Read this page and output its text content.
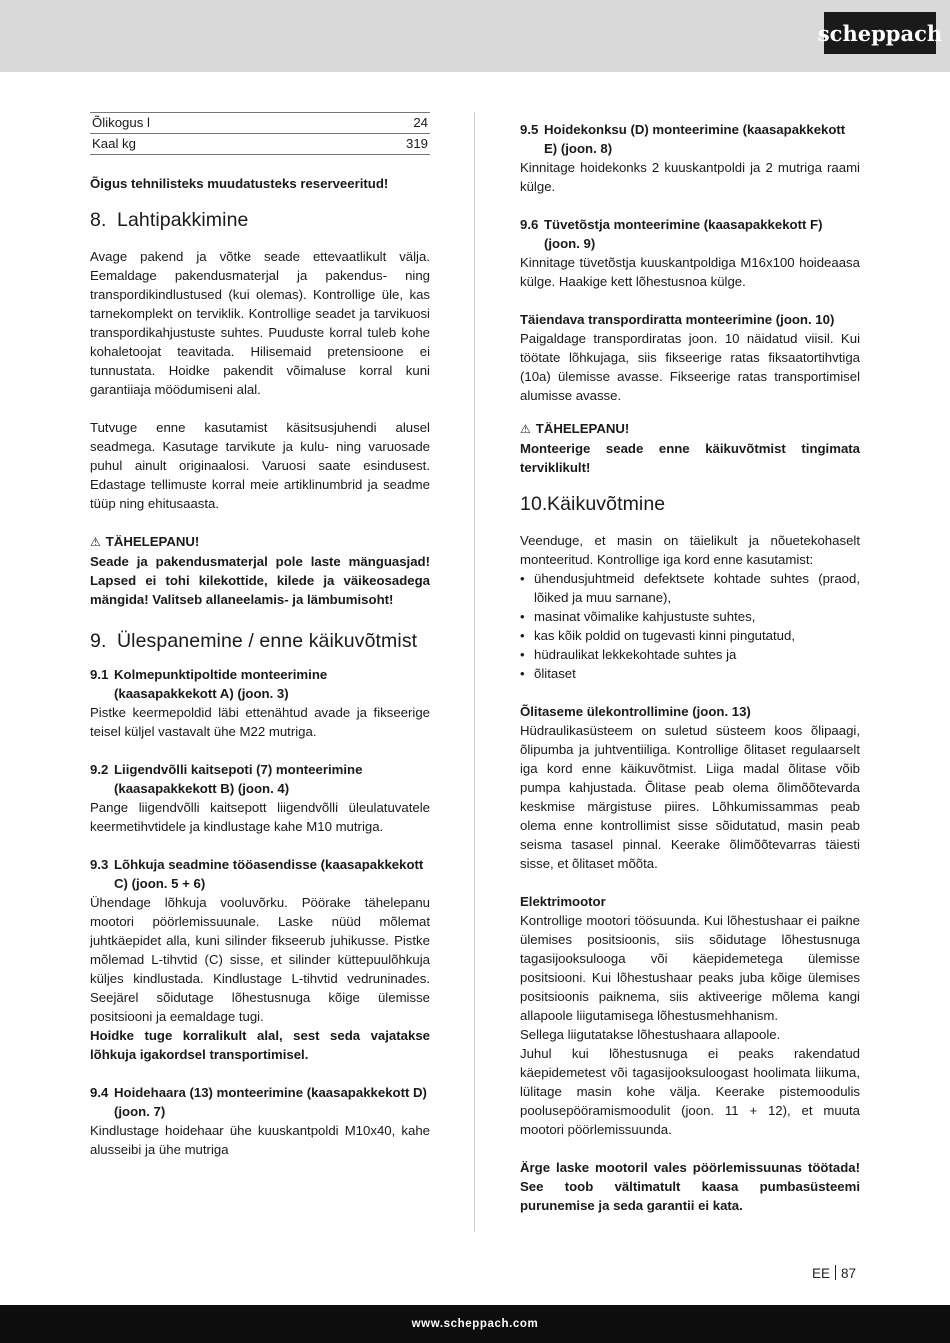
scheppach
Õlikogus l	24
Kaal kg	319

Õigus tehnilisteks muudatusteks reserveeritud!

8. Lahtipakkimine

Avage pakend ja võtke seade ettevaatlikult välja. Eemaldage pakendusmaterjal ja pakendus- ning transpordikindlustused (kui olemas). Kontrollige üle, kas tarnekomplekt on terviklik. Kontrollige seadet ja tarvikuosi transpordikahjustuste suhtes. Puuduste korral tuleb kohe kohaletoojat teavitada. Hilisemaid pretensioone ei tunnustata. Hoidke pakendit võimaluse korral kuni garantiiaja möödumiseni alal.

Tutvuge enne kasutamist käsitsusjuhendi alusel seadmega. Kasutage tarvikute ja kulu- ning varuosade puhul ainult originaalosi. Varuosi saate esindusest. Edastage tellimuste korral meie artiklinumbrid ja seadme tüüp ning ehitusaasta.

⚠ TÄHELEPANU!

Seade ja pakendusmaterjal pole laste mänguasjad! Lapsed ei tohi kilekottide, kilede ja väikeosadega mängida! Valitseb allaneelamis- ja lämbumisoht!

9. Ülespanemine / enne käikuvõtmist
9.1 Kolmepunktipoltide monteerimine (kaasapakkekott A) (joon. 3)

Pistke keermepoldid läbi ettenähtud avade ja fikseerige teisel küljel vastavalt ühe M22 mutriga.

9.2 Liigendvõlli kaitsepoti (7) monteerimine (kaasapakkekott B) (joon. 4)

Pange liigendvõlli kaitsepott liigendvõlli üleulatuvatele keermetihvtidele ja kindlustage kahe M10 mutriga.

9.3 Lõhkuja seadmine tööasendisse (kaasapakkekott C) (joon. 5 + 6)

Ühendage lõhkuja vooluvõrku. Pöörake tähelepanu mootori pöörlemissuunale. Laske nüüd mõlemat juhtkäepidet alla, kuni silinder fikseerub juhikusse. Pistke mõlemad L-tihvtid (C) sisse, et silinder küttepuulõhkuja küljes kindlustada. Kindlustage L-tihvtid vedruninades. Seejärel sõidutage lõhestusnuga kõige ülemisse positsiooni ja eemaldage tugi.

Hoidke tuge korralikult alal, sest seda vajatakse lõhkuja igakordsel transportimisel.

9.4 Hoidehaara (13) monteerimine (kaasapakkekott D) (joon. 7)

Kindlustage hoidehaar ühe kuuskantpoldi M10x40, kahe alusseibi ja ühe mutriga

9.5 Hoidekonksu (D) monteerimine (kaasapakkekott E) (joon. 8)

Kinnitage hoidekonks 2 kuuskantpoldi ja 2 mutriga raami külge.

9.6 Tüvetõstja monteerimine (kaasapakkekott F) (joon. 9)

Kinnitage tüvetõstja kuuskantpoldiga M16x100 hoideaasa külge. Haakige kett lõhestusnoa külge.

Täiendava transpordiratta monteerimine (joon. 10)

Paigaldage transpordiratas joon. 10 näidatud viisil. Kui töötate lõhkujaga, siis fikseerige ratas fiksaatortihvtiga (10a) ülemisse avasse. Fikseerige ratas transportimisel alumisse avasse.

⚠ TÄHELEPANU!

Monteerige seade enne käikuvõtmist tingimata terviklikult!

10.Käikuvõtmine

Veenduge, et masin on täielikult ja nõuetekohaselt monteeritud. Kontrollige iga kord enne kasutamist:

• ühendusjuhtmeid defektsete kohtade suhtes (praod, lõiked ja muu sarnane),
• masinat võimalike kahjustuste suhtes,
• kas kõik poldid on tugevasti kinni pingutatud,
• hüdraulikat lekkekohtade suhtes ja
• õlitaset

Õlitaseme ülekontrollimine (joon. 13)

Hüdraulikasüsteem on suletud süsteem koos õlipaagi, õlipumba ja juhtventiiliga. Kontrollige õlitaset regulaarselt iga kord enne käikuvõtmist. Liiga madal õlitase võib pumpa kahjustada. Õlitase peab olema õlimõõtevarda keskmise märgistuse piires. Lõhkumissammas peab olema enne kontrollimist sisse sõidutatud, masin peab seisma tasasel pinnal. Keerake õlimõõtevarras täiesti sisse, et õlitaset mõõta.

Elektrimootor

Kontrollige mootori töösuunda. Kui lõhestushaar ei paikne ülemises positsioonis, siis sõidutage lõhestusnuga tagasijooksuloogа või käepidemetega ülemisse positsiooni. Kui lõhestushaar peaks juba kõige ülemises positsioonis paiknema, siis aktiveerige mõlema kangi allapoole liigutamisega lõhestusmehhanism.

Sellega liigutatakse lõhestushaara allapoole.

Juhul kui lõhestusnuga ei peaks rakendatud käepidemetest või tagasijooksuloogast hoolimata liikuma, lülitage masin kohe välja. Keerake pistemoodulis poolusepööramismoodulit (joon. 11 + 12), et muuta mootori pöörlemissuunda.

Ärge laske mootoril vales pöörlemissuunas töötada! See toob vältimatult kaasa pumbasüsteemi purunemise ja seda garantii ei kata.

EE 87
www.scheppach.com
